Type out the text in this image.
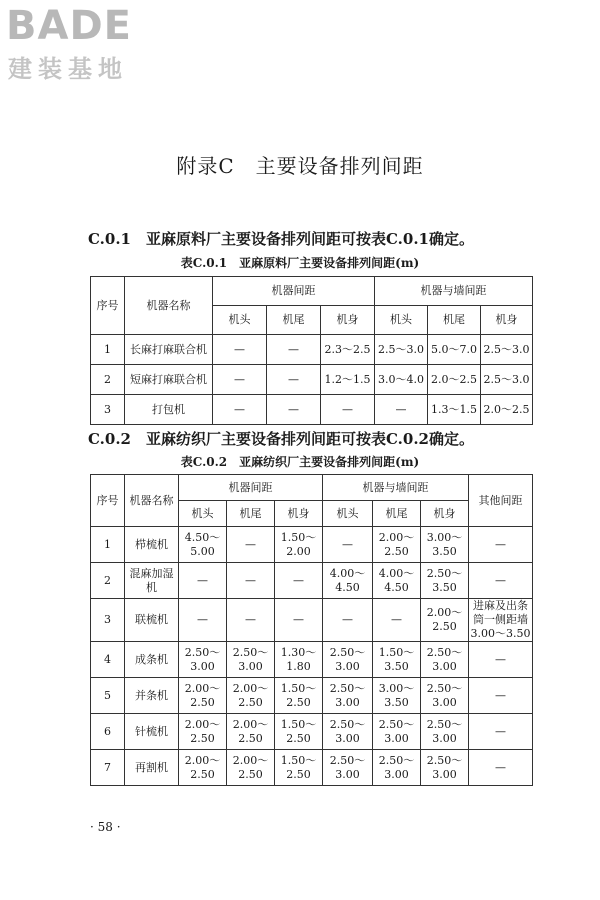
BADE
建装基地
附录C　主要设备排列间距
C.0.1　亚麻原料厂主要设备排列间距可按表C.0.1确定。
表C.0.1　亚麻原料厂主要设备排列间距(m)
序号	机器名称	机器间距			机器与墙间距		
		机头	机尾	机身	机头	机尾	机身
1	长麻打麻联合机	—	—	2.3～2.5	2.5～3.0	5.0～7.0	2.5～3.0
2	短麻打麻联合机	—	—	1.2～1.5	3.0～4.0	2.0～2.5	2.5～3.0
3	打包机	—	—	—	—	1.3～1.5	2.0～2.5
C.0.2　亚麻纺织厂主要设备排列间距可按表C.0.2确定。
表C.0.2　亚麻纺织厂主要设备排列间距(m)
序号	机器名称	机器间距			机器与墙间距			其他间距
		机头	机尾	机身	机头	机尾	机身	
1	栉梳机	4.50～5.00	—	1.50～2.00	—	2.00～2.50	3.00～3.50	—
2	混麻加湿机	—	—	—	4.00～4.50	4.00～4.50	2.50～3.50	—
3	联梳机	—	—	—	—	—	2.00～2.50	进麻及出条筒一侧距墙3.00～3.50
4	成条机	2.50～3.00	2.50～3.00	1.30～1.80	2.50～3.00	1.50～3.50	2.50～3.00	—
5	并条机	2.00～2.50	2.00～2.50	1.50～2.50	2.50～3.00	3.00～3.50	2.50～3.00	—
6	针梳机	2.00～2.50	2.00～2.50	1.50～2.50	2.50～3.00	2.50～3.00	2.50～3.00	—
7	再割机	2.00～2.50	2.00～2.50	1.50～2.50	2.50～3.00	2.50～3.00	2.50～3.00	—
· 58 ·
